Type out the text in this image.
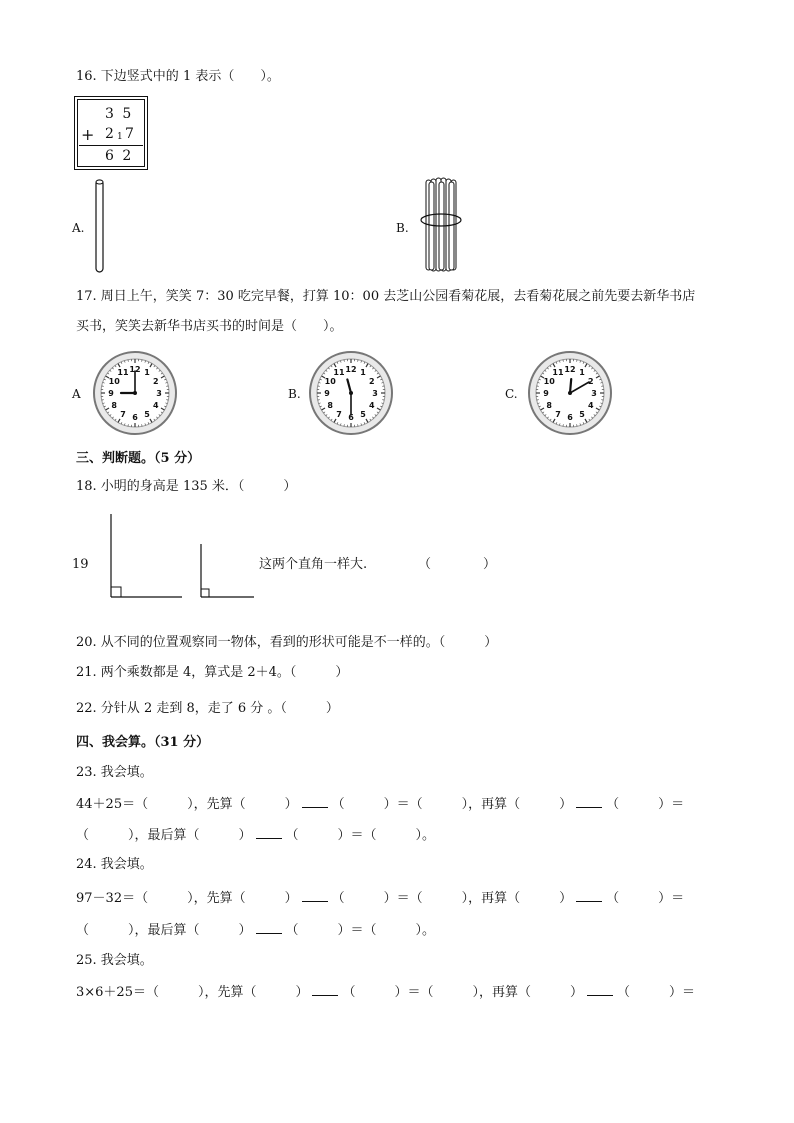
16. 下边竖式中的 1 表示（　　）。
3 5
+ 2 1 7
6 2
A.	B.
17. 周日上午，笑笑 7：30 吃完早餐，打算 10：00 去芝山公园看菊花展，去看菊花展之前先要去新华书店
买书，笑笑去新华书店买书的时间是（　　）。
A
12 1
2
3
4
5
6
7
8
9
10
11
B.
12 1
2
3
4
5
6
7
8
9
10
11
C.
12 1
2
3
4
5
6
7
8
9
10
11
三、判断题。（5 分）
18. 小明的身高是 135 米．（　　　）
19	这两个直角一样大.	（　　　　）
20. 从不同的位置观察同一物体，看到的形状可能是不一样的。（　　　）
21. 两个乘数都是 4，算式是 2＋4。（　　　）
22. 分针从 2 走到 8，走了 6 分 。（　　　）
四、我会算。（31 分）
23. 我会填。
44＋25＝（　　　），先算（　　　）	（　　　）＝（　　　），再算（　　　）	（　　　）＝
（　　　），最后算（　　　）	（　　　）＝（　　　）。
24. 我会填。
97－32＝（　　　），先算（　　　）	（　　　）＝（　　　），再算（　　　）	（　　　）＝
（　　　），最后算（　　　）	（　　　）＝（　　　）。
25. 我会填。
3×6＋25＝（　　　），先算（　　　）	（　　　）＝（　　　），再算（　　　）	（　　　）＝
